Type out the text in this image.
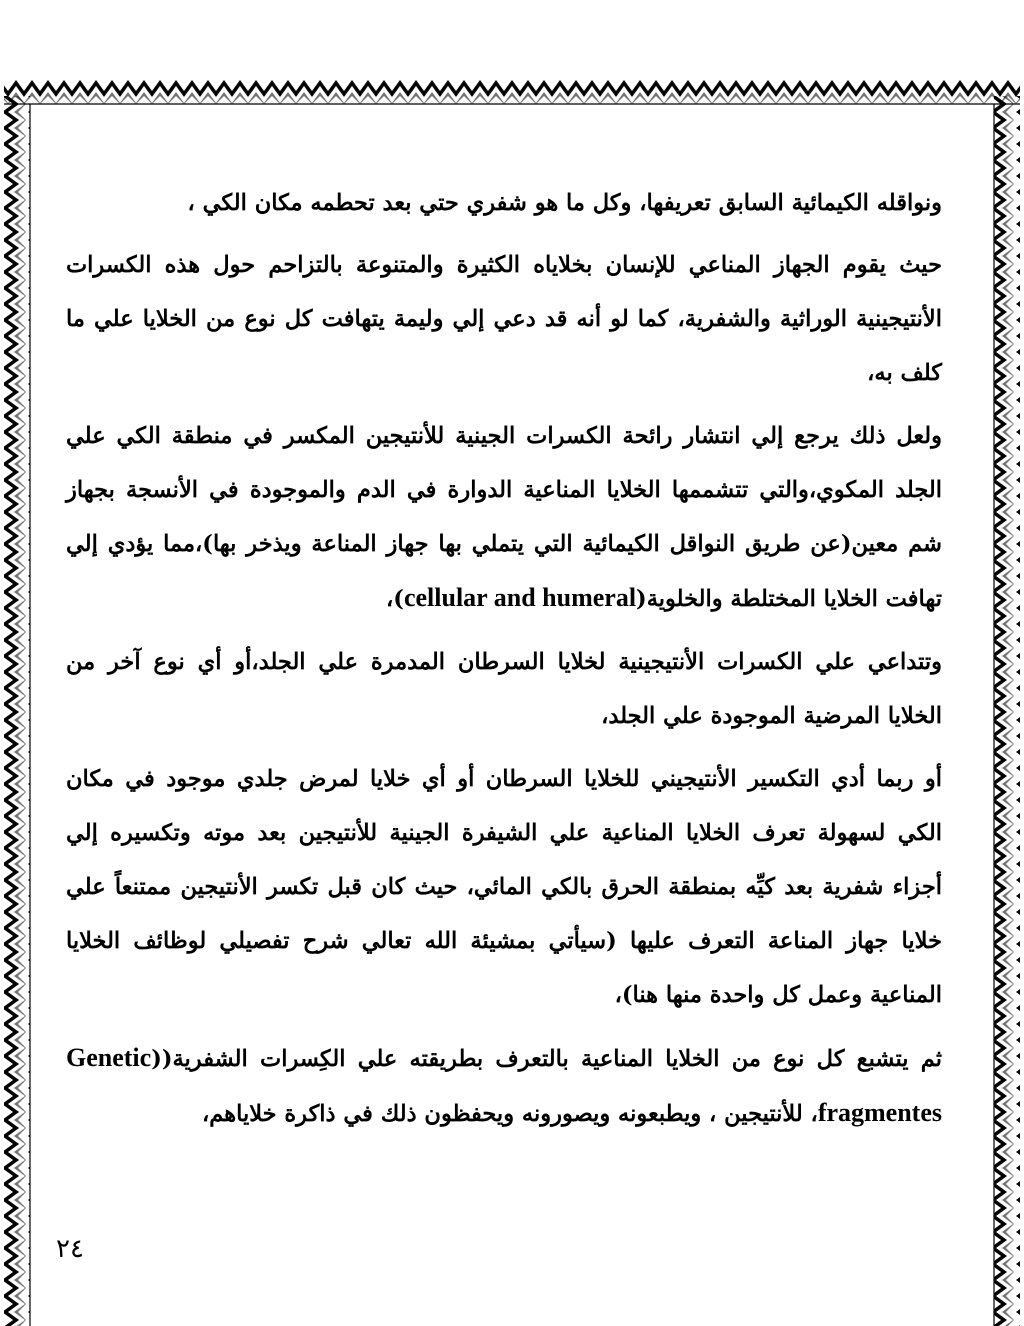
ونواقله الكيمائية السابق تعريفها، وكل ما هو شفري حتي بعد تحطمه مكان الكي ،

حيث يقوم الجهاز المناعي للإنسان بخلاياه الكثيرة والمتنوعة بالتزاحم حول هذه الكسرات الأنتيجينية الوراثية والشفرية، كما لو أنه قد دعي إلي وليمة يتهافت كل نوع من الخلايا علي ما كلف به،

ولعل ذلك يرجع إلي انتشار رائحة الكسرات الجينية للأنتيجين المكسر في منطقة الكي علي الجلد المكوي،والتي تتشممها الخلايا المناعية الدوارة في الدم والموجودة في الأنسجة بجهاز شم معين(عن طريق النواقل الكيمائية التي يتملي بها جهاز المناعة ويذخر بها)،مما يؤدي إلي تهافت الخلايا المختلطة والخلوية(cellular and humeral)،

وتتداعي علي الكسرات الأنتيجينية لخلايا السرطان المدمرة علي الجلد،أو أي نوع آخر من الخلايا المرضية الموجودة علي الجلد،

أو ربما أدي التكسير الأنتيجيني للخلايا السرطان أو أي خلايا لمرض جلدي موجود في مكان الكي لسهولة تعرف الخلايا المناعية علي الشيفرة الجينية للأنتيجين بعد موته وتكسيره إلي أجزاء شفرية بعد كيِّه بمنطقة الحرق بالكي المائي، حيث كان قبل تكسر الأنتيجين ممتنعاً علي خلايا جهاز المناعة التعرف عليها (سيأتي بمشيئة الله تعالي شرح تفصيلي لوظائف الخلايا المناعية وعمل كل واحدة منها هنا)،

ثم يتشبع كل نوع من الخلايا المناعية بالتعرف بطريقته علي الكِسرات الشفرية((Genetic fragmentes، للأنتيجين ، ويطبعونه ويصورونه ويحفظون ذلك في ذاكرة خلاياهم،

٢٤
